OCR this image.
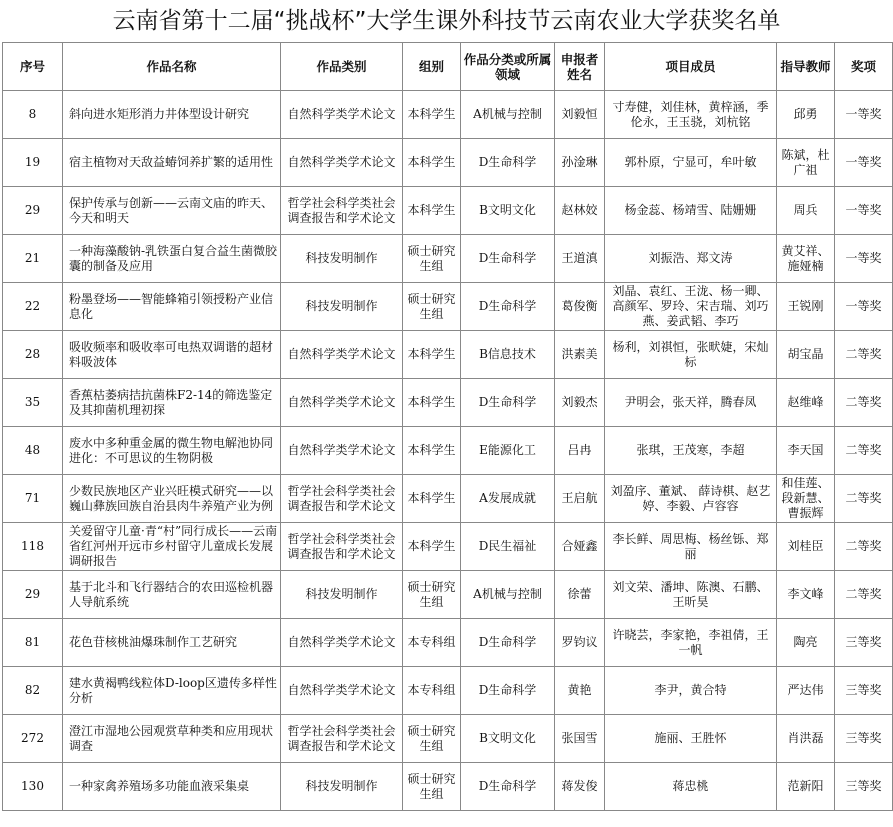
云南省第十二届“挑战杯”大学生课外科技节云南农业大学获奖名单
序号	作品名称	作品类别	组别	作品分类或所属领域	申报者姓名	项目成员	指导教师	奖项
8	斜向进水矩形消力井体型设计研究	自然科学类学术论文	本科学生	A机械与控制	刘毅恒	寸寿健，刘佳林，黄梓涵，季伦永，王玉骁，刘杭铭	邱勇	一等奖
19	宿主植物对天敌益蝽饲养扩繁的适用性	自然科学类学术论文	本科学生	D生命科学	孙淦琳	郭朴原，宁显可，牟叶敏	陈斌，杜广祖	一等奖
29	保护传承与创新——云南文庙的昨天、今天和明天	哲学社会科学类社会调查报告和学术论文	本科学生	B文明文化	赵林姣	杨金蕊、杨靖雪、陆姗姗	周兵	一等奖
21	一种海藻酸钠-乳铁蛋白复合益生菌微胶囊的制备及应用	科技发明制作	硕士研究生组	D生命科学	王道滇	刘振浩、郑文涛	黄艾祥、施娅楠	一等奖
22	粉墨登场——智能蜂箱引领授粉产业信息化	科技发明制作	硕士研究生组	D生命科学	葛俊衡	刘晶、袁红、王泷、杨一卿、高颜军、罗玲、宋吉瑞、刘巧燕、姜武韬、李巧	王锐刚	一等奖
28	吸收频率和吸收率可电热双调谐的超材料吸波体	自然科学类学术论文	本科学生	B信息技术	洪素美	杨利，刘祺恒，张畎婕，宋灿标	胡宝晶	二等奖
35	香蕉枯萎病拮抗菌株F2-14的筛选鉴定及其抑菌机理初探	自然科学类学术论文	本科学生	D生命科学	刘毅杰	尹明会，张天祥，腾春凤	赵维峰	二等奖
48	废水中多种重金属的微生物电解池协同进化：不可思议的生物阴极	自然科学类学术论文	本科学生	E能源化工	吕冉	张琪，王茂寒，李超	李天国	二等奖
71	少数民族地区产业兴旺模式研究——以巍山彝族回族自治县肉牛养殖产业为例	哲学社会科学类社会调查报告和学术论文	本科学生	A发展成就	王启航	刘盈序、董斌、 薛诗棋、赵艺婷、李毅、卢容容	和佳莲、段新慧、曹振辉	二等奖
118	关爱留守儿童·青“村”同行成长——云南省红河州开远市乡村留守儿童成长发展调研报告	哲学社会科学类社会调查报告和学术论文	本科学生	D民生福祉	合娅鑫	李长鲜、周思梅、杨丝铄、郑丽	刘桂臣	二等奖
29	基于北斗和飞行器结合的农田巡检机器人导航系统	科技发明制作	硕士研究生组	A机械与控制	徐蕾	刘文荣、潘坤、陈澳、石鹏、王昕昊	李文峰	二等奖
81	花色苷核桃油爆珠制作工艺研究	自然科学类学术论文	本专科组	D生命科学	罗钧议	许晓芸，李家艳，李祖倩，王一帆	陶亮	三等奖
82	建水黄褐鸭线粒体D-loop区遗传多样性分析	自然科学类学术论文	本专科组	D生命科学	黄艳	李尹，黄合特	严达伟	三等奖
272	澄江市湿地公园观赏草种类和应用现状调查	哲学社会科学类社会调查报告和学术论文	硕士研究生组	B文明文化	张国雪	施丽、王胜怀	肖洪磊	三等奖
130	一种家禽养殖场多功能血液采集桌	科技发明制作	硕士研究生组	D生命科学	蒋发俊	蒋忠桃	范新阳	三等奖
